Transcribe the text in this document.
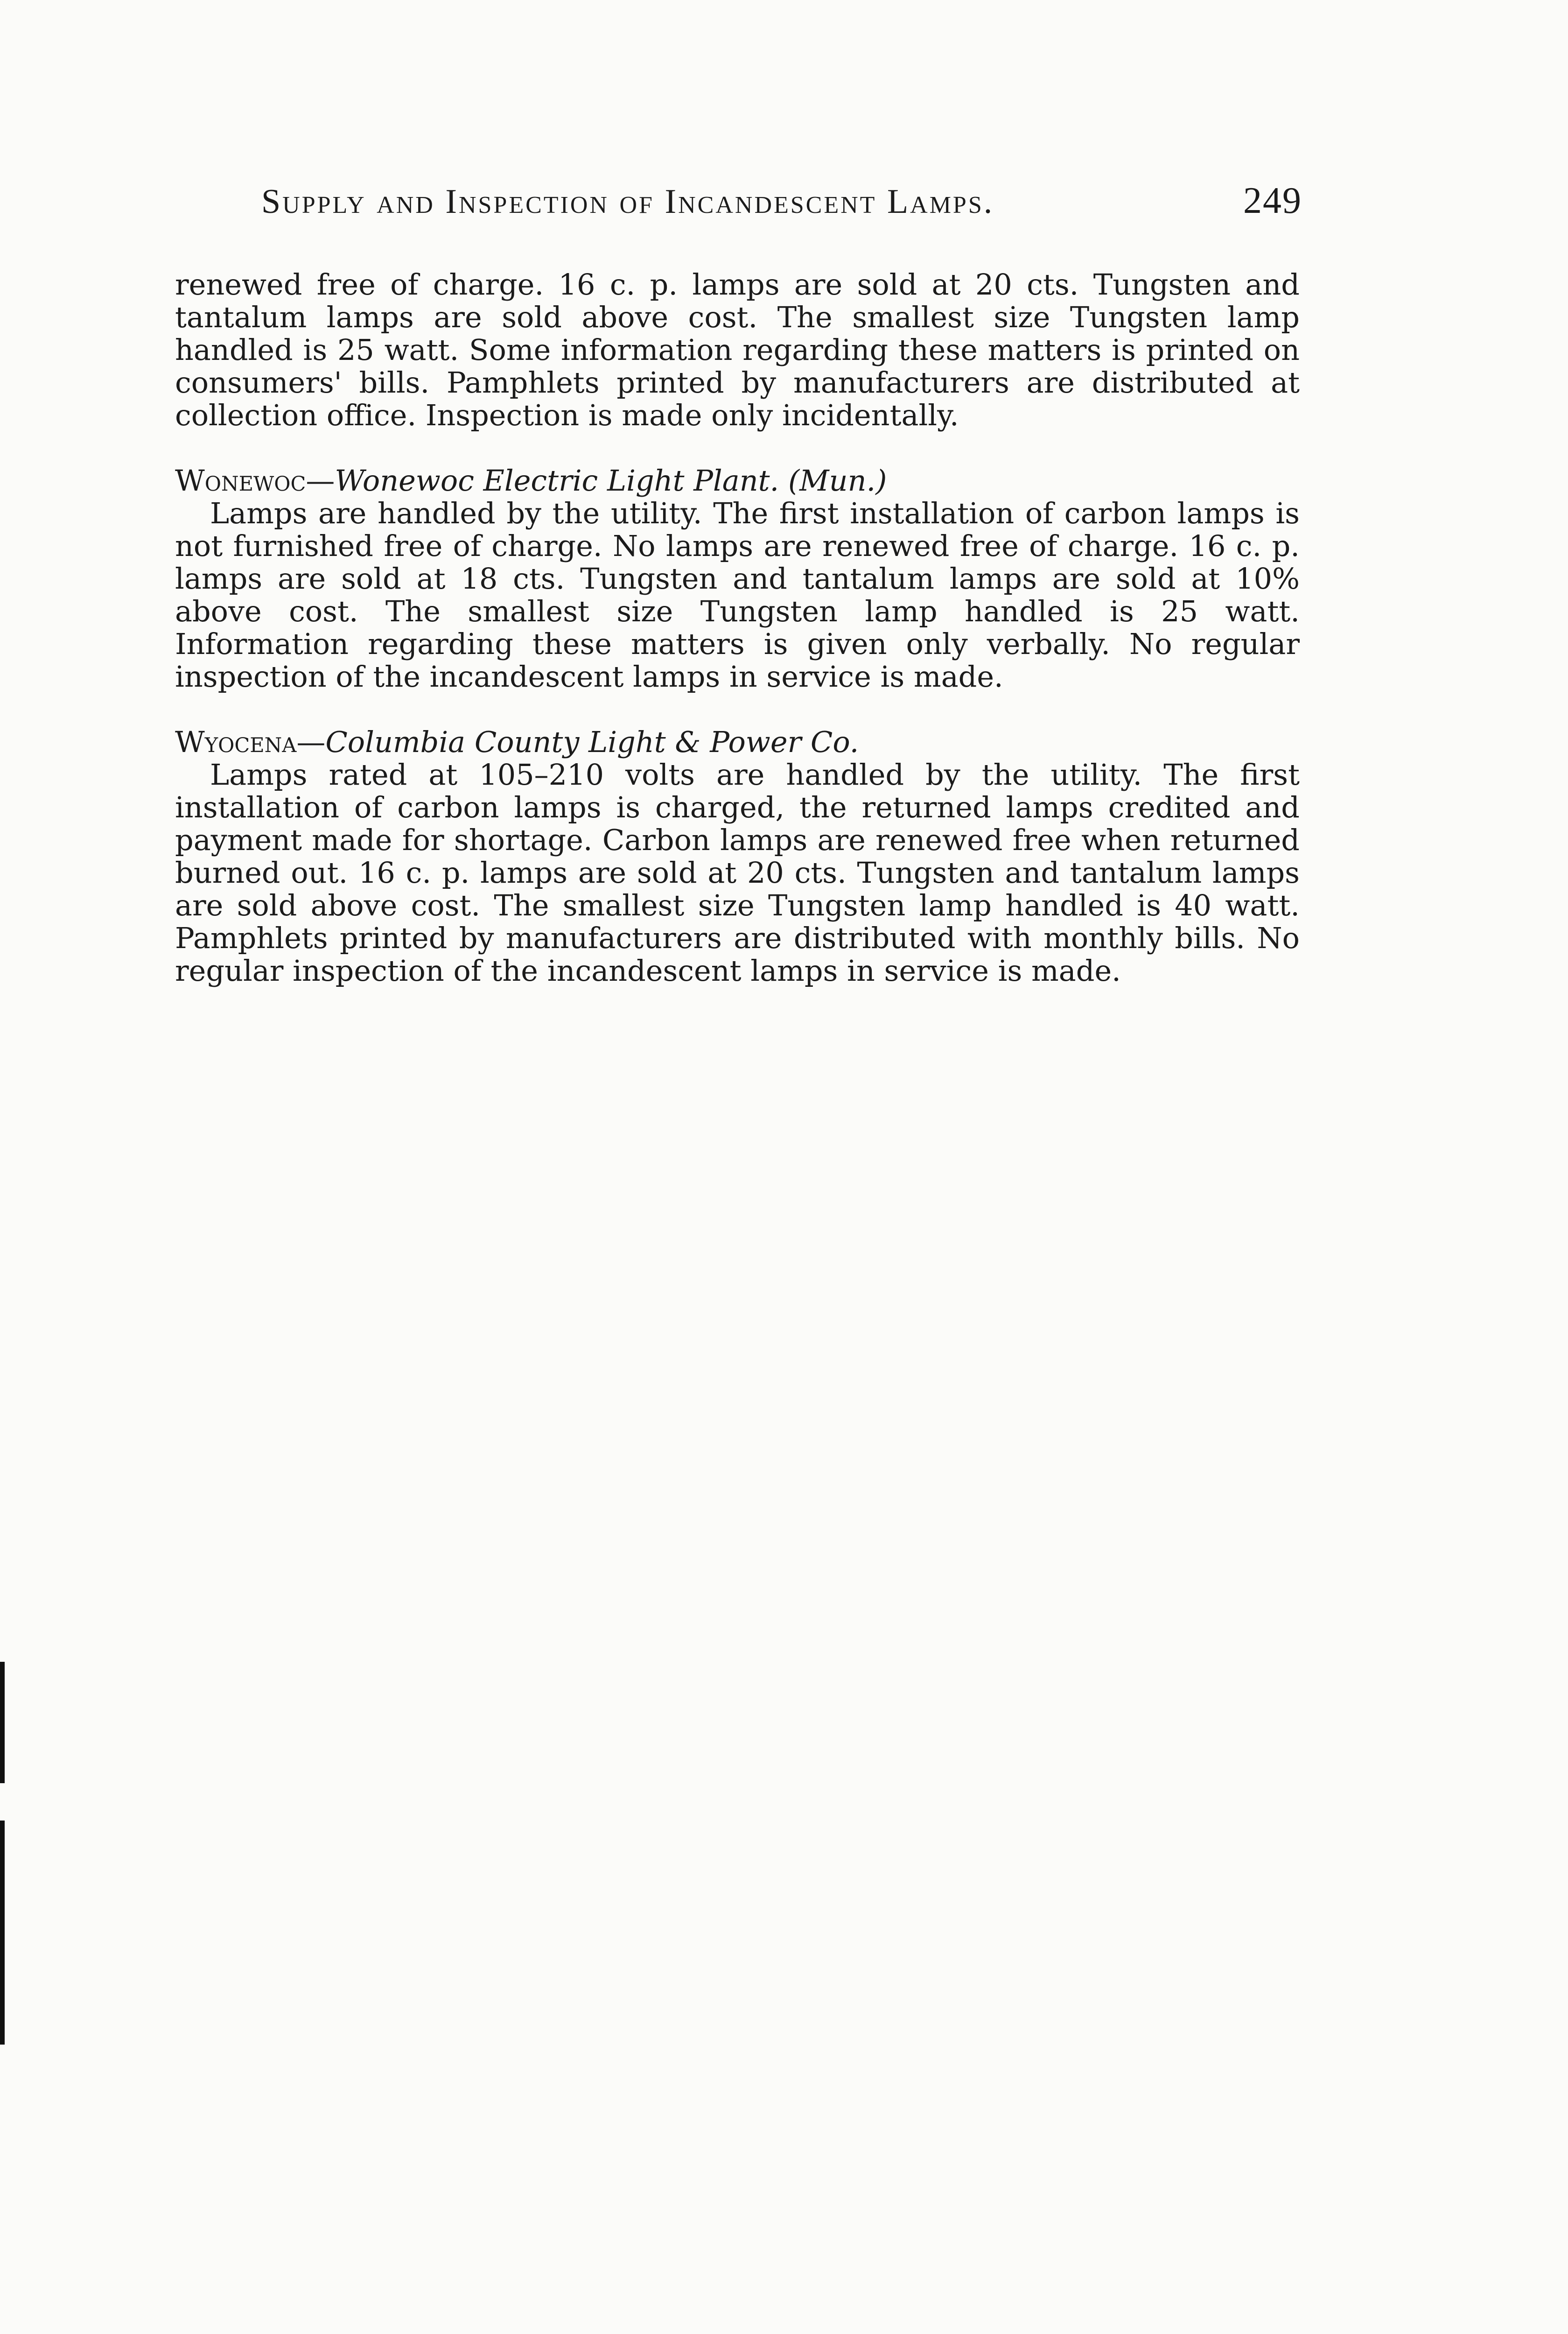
Supply and Inspection of Incandescent Lamps.	249

renewed free of charge. 16 c. p. lamps are sold at 20 cts. Tungsten and tantalum lamps are sold above cost. The smallest size Tungsten lamp handled is 25 watt. Some information regarding these matters is printed on consumers' bills. Pamphlets printed by manufacturers are distributed at collection office. Inspection is made only incidentally.

Wonewoc—Wonewoc Electric Light Plant. (Mun.)

Lamps are handled by the utility. The first installation of carbon lamps is not furnished free of charge. No lamps are renewed free of charge. 16 c. p. lamps are sold at 18 cts. Tungsten and tantalum lamps are sold at 10% above cost. The smallest size Tungsten lamp handled is 25 watt. Information regarding these matters is given only verbally. No regular inspection of the incandescent lamps in service is made.

Wyocena—Columbia County Light & Power Co.

Lamps rated at 105–210 volts are handled by the utility. The first installation of carbon lamps is charged, the returned lamps credited and payment made for shortage. Carbon lamps are renewed free when returned burned out. 16 c. p. lamps are sold at 20 cts. Tungsten and tantalum lamps are sold above cost. The smallest size Tungsten lamp handled is 40 watt. Pamphlets printed by manufacturers are distributed with monthly bills. No regular inspection of the incandescent lamps in service is made.
